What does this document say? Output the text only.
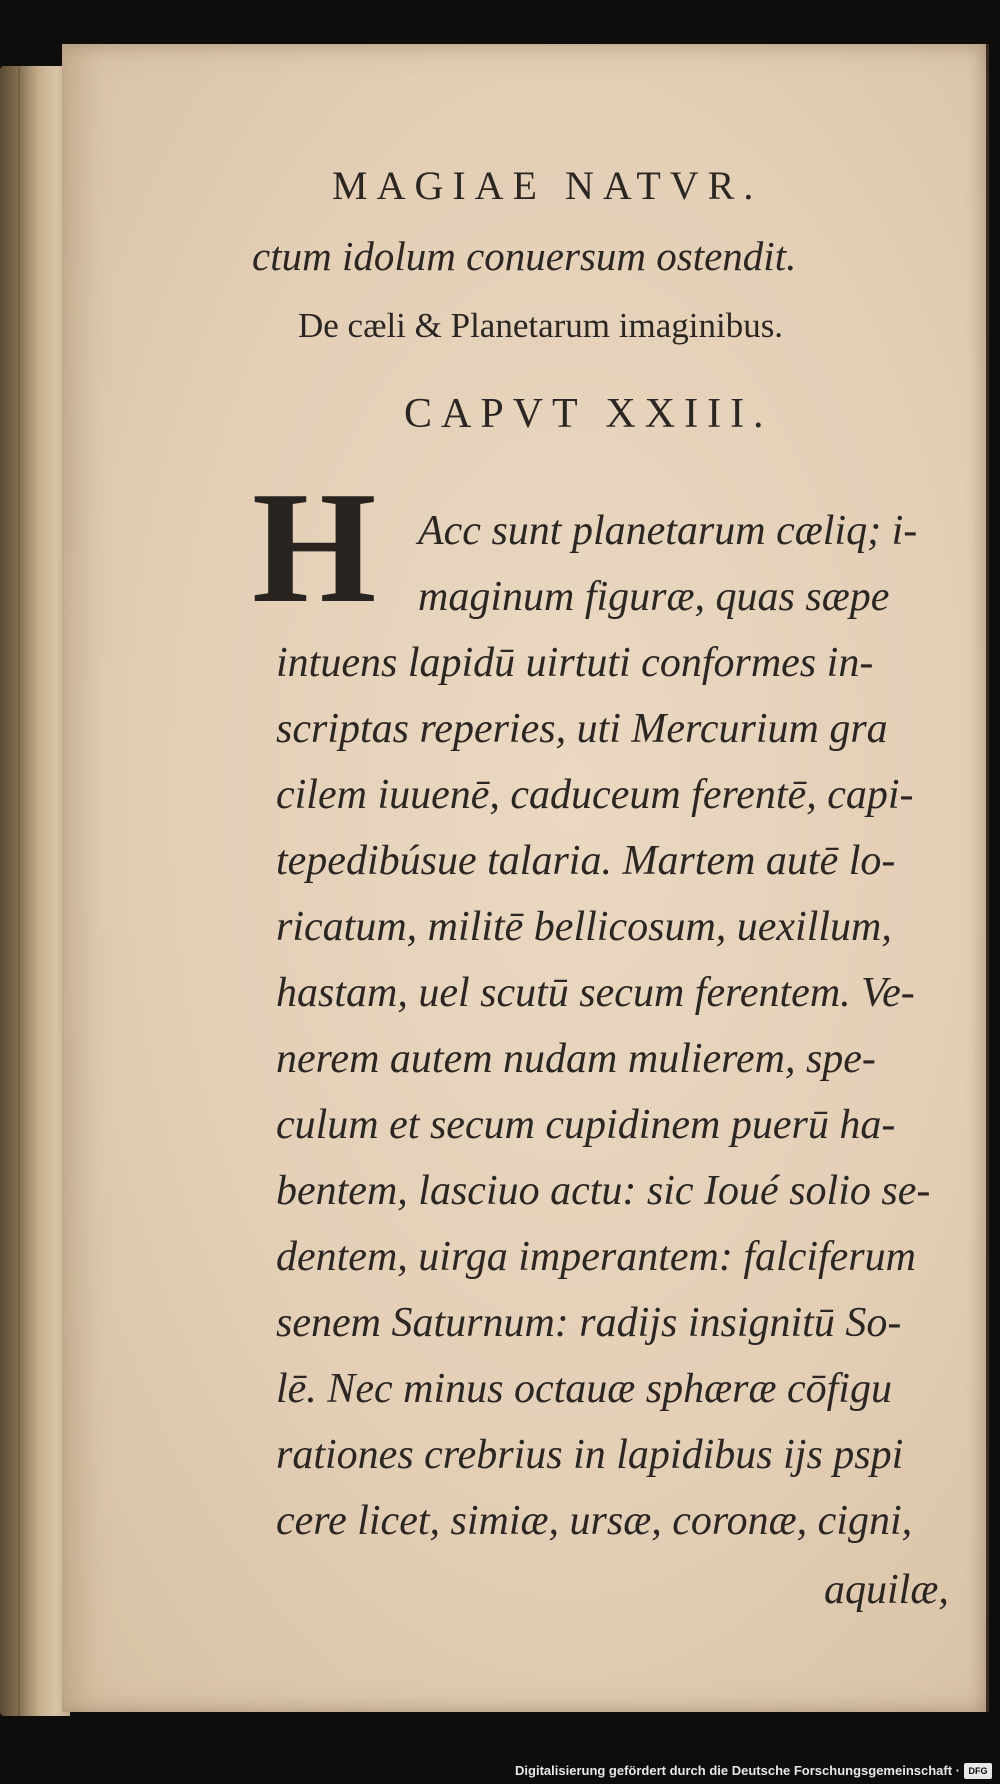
MAGIAE NATVR.
ctum idolum conuersum ostendit.
De cæli & Planetarum imaginibus.
CAPVT XXIII.
H Acc sunt planetarum cæliq; i-
maginum figuræ, quas sæpe
intuens lapidū uirtuti conformes in-
scriptas reperies, uti Mercurium gra
cilem iuuenē, caduceum ferentē, capi-
tepedibúsue talaria. Martem autē lo-
ricatum, militē bellicosum, uexillum,
hastam, uel scutū secum ferentem. Ve-
nerem autem nudam mulierem, spe-
culum et secum cupidinem puerū ha-
bentem, lasciuo actu: sic Ioué solio se-
dentem, uirga imperantem: falciferum
senem Saturnum: radijs insignitū So-
lē. Nec minus octauæ sphæræ cōfigu
rationes crebrius in lapidibus ijs pspi
cere licet, simiæ, ursæ, coronæ, cigni,
aquilæ,
Digitalisierung gefördert durch die Deutsche Forschungsgemeinschaft · DFG
